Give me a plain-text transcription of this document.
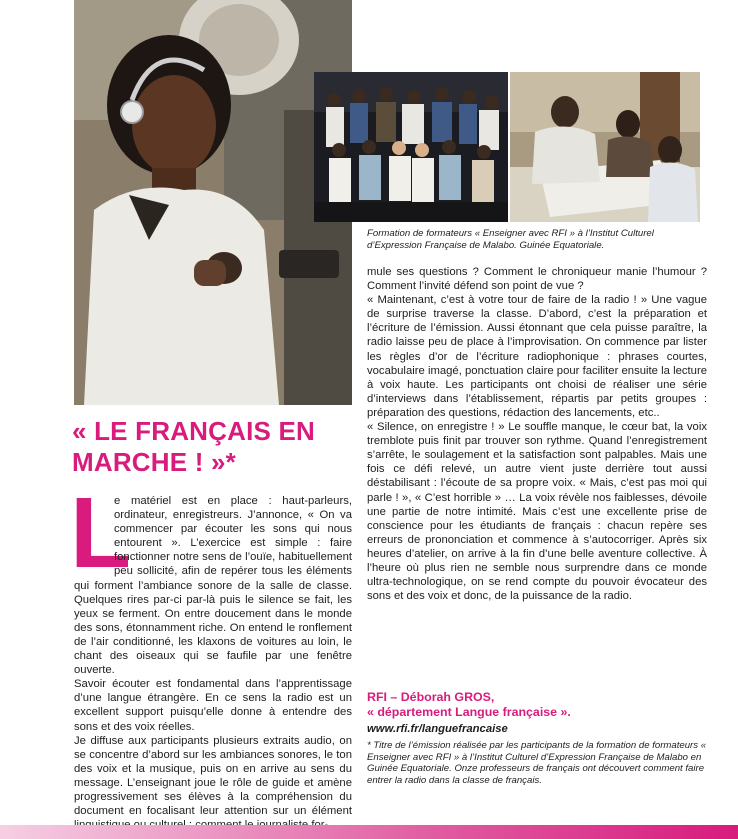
Formation de formateurs « Enseigner avec RFI » à l’Institut Culturel d’Expression Française de Malabo. Guinée Equatoriale.
« LE FRANÇAIS EN MARCHE ! »*
L

e matériel est en place : haut-parleurs, ordinateur, enregistreurs. J’annonce, « On va commencer par écouter les sons qui nous entourent ». L’exercice est simple : faire fonctionner notre sens de l’ouïe, habituellement peu sollicité, afin de repérer tous les éléments qui forment l’ambiance sonore de la salle de classe. Quelques rires par-ci par-là puis le silence se fait, les yeux se ferment. On entre doucement dans le monde des sons, étonnamment riche. On entend le ronflement de l’air conditionné, les klaxons de voitures au loin, le chant des oiseaux qui se faufile par une fenêtre ouverte.

Savoir écouter est fondamental dans l’apprentissage d’une langue étrangère. En ce sens la radio est un excellent support puisqu’elle donne à entendre des sons et des voix réelles.

Je diffuse aux participants plusieurs extraits audio, on se concentre d’abord sur les ambiances sonores, le ton des voix et la musique, puis on en arrive au sens du message. L’enseignant joue le rôle de guide et amène progressivement ses élèves à la compréhension du document en focalisant leur attention sur un élément

mule ses questions ? Comment le chroniqueur manie l’humour ? Comment l’invité défend son point de vue ?

« Maintenant, c’est à votre tour de faire de la radio ! » Une vague de surprise traverse la classe. D’abord, c’est la préparation et l’écriture de l’émission. Aussi étonnant que cela puisse paraître, la radio laisse peu de place à l’improvisation. On commence par lister les règles d’or de l’écriture radiophonique : phrases courtes, vocabulaire imagé, ponctuation claire pour faciliter ensuite la lecture à voix haute. Les participants ont choisi de réaliser une série d’interviews dans l’établissement, répartis par petits groupes : préparation des questions, rédaction des lancements, etc..

« Silence, on enregistre ! » Le souffle manque, le cœur bat, la voix tremblote puis finit par trouver son rythme. Quand l’enregistrement s’arrête, le soulagement et la satisfaction sont palpables. Mais une fois ce défi relevé, un autre vient juste derrière tout aussi déstabilisant : l’écoute de sa propre voix. « Mais, c’est pas moi qui parle ! », « C’est horrible » … La voix révèle nos faiblesses, dévoile une partie de notre intimité. Mais c’est une excellente prise de conscience pour les étudiants de français : chacun repère ses erreurs de prononciation et commence à s’autocorriger. Après six heures d’atelier, on arrive à la fin d’une belle aventure collective. À l’heure où plus rien ne semble nous surprendre dans ce monde ultra-technologique, on se rend compte du pouvoir évocateur des sons et des voix et donc, de la puissance de la radio.

RFI – Déborah GROS,
« département Langue française ».
www.rfi.fr/languefrancaise
* Titre de l’émission réalisée par les participants de la formation de formateurs « Enseigner avec RFI » à l’Institut Culturel d’Expression Française de Malabo en Guinée Equatoriale. Onze professeurs de français ont découvert comment faire entrer la radio dans la classe de français.
